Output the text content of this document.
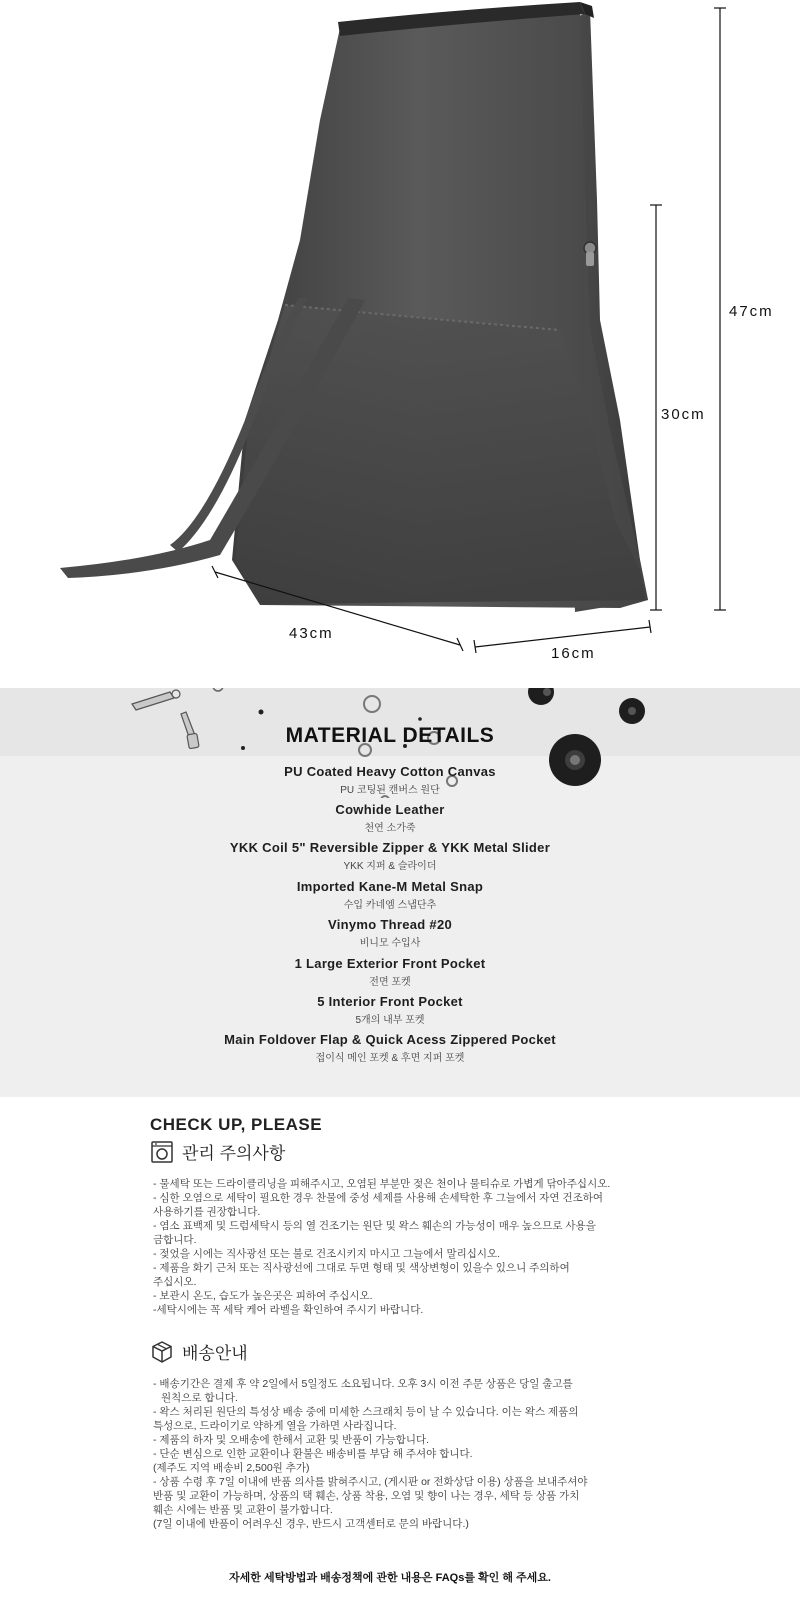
47cm
30cm
43cm
16cm
MATERIAL DETAILS
PU Coated Heavy Cotton Canvas
PU 코팅된 캔버스 원단
Cowhide Leather
천연 소가죽
YKK Coil 5" Reversible Zipper & YKK Metal Slider
YKK 지퍼 & 슬라이더
Imported Kane-M Metal Snap
수입 카네엠 스냅단추
Vinymo Thread #20
비니모 수입사
1 Large Exterior Front Pocket
전면 포켓
5 Interior Front Pocket
5개의 내부 포켓
Main Foldover Flap & Quick Acess Zippered Pocket
접이식 메인 포켓 & 후면 지퍼 포켓
CHECK UP, PLEASE
관리 주의사항

- 물세탁 또는 드라이클리닝을 피해주시고, 오염된 부분만 젖은 천이나 물티슈로 가볍게 닦아주십시오.

- 심한 오염으로 세탁이 필요한 경우 찬물에 중성 세제를 사용해 손세탁한 후 그늘에서 자연 건조하여

사용하기를 권장합니다.

- 염소 표백제 및 드럼세탁시 등의 열 건조기는 원단 및 왁스 훼손의 가능성이 매우 높으므로 사용을

금합니다.

- 젖었을 시에는 직사광선 또는 불로 건조시키지 마시고 그늘에서 말리십시오.

- 제품을 화기 근처 또는 직사광선에 그대로 두면 형태 및 색상변형이 있을수 있으니 주의하여

주십시오.

- 보관시 온도, 습도가 높은곳은 피하여 주십시오.

-세탁시에는 꼭 세탁 케어 라벨을 확인하여 주시기 바랍니다.

배송안내

- 배송기간은 결제 후 약 2일에서 5일정도 소요됩니다. 오후 3시 이전 주문 상품은 당일 출고를

원칙으로 합니다.

- 왁스 처리된 원단의 특성상 배송 중에 미세한 스크래치 등이 날 수 있습니다. 이는 왁스 제품의

특성으로, 드라이기로 약하게 열을 가하면 사라집니다.

- 제품의 하자 및 오배송에 한해서 교환 및 반품이 가능합니다.

- 단순 변심으로 인한 교환이나 환불은 배송비를 부담 해 주셔야 합니다.

(제주도 지역 배송비 2,500원 추가)

- 상품 수령 후 7일 이내에 반품 의사를 밝혀주시고, (게시판 or 전화상담 이용) 상품을 보내주셔야

반품 및 교환이 가능하며, 상품의 택 훼손, 상품 착용, 오염 및 향이 나는 경우, 세탁 등 상품 가치

훼손 시에는 반품 및 교환이 불가합니다.

(7일 이내에 반품이 어려우신 경우, 반드시 고객센터로 문의 바랍니다.)

자세한 세탁방법과 배송정책에 관한 내용은 FAQs를 확인 해 주세요.
